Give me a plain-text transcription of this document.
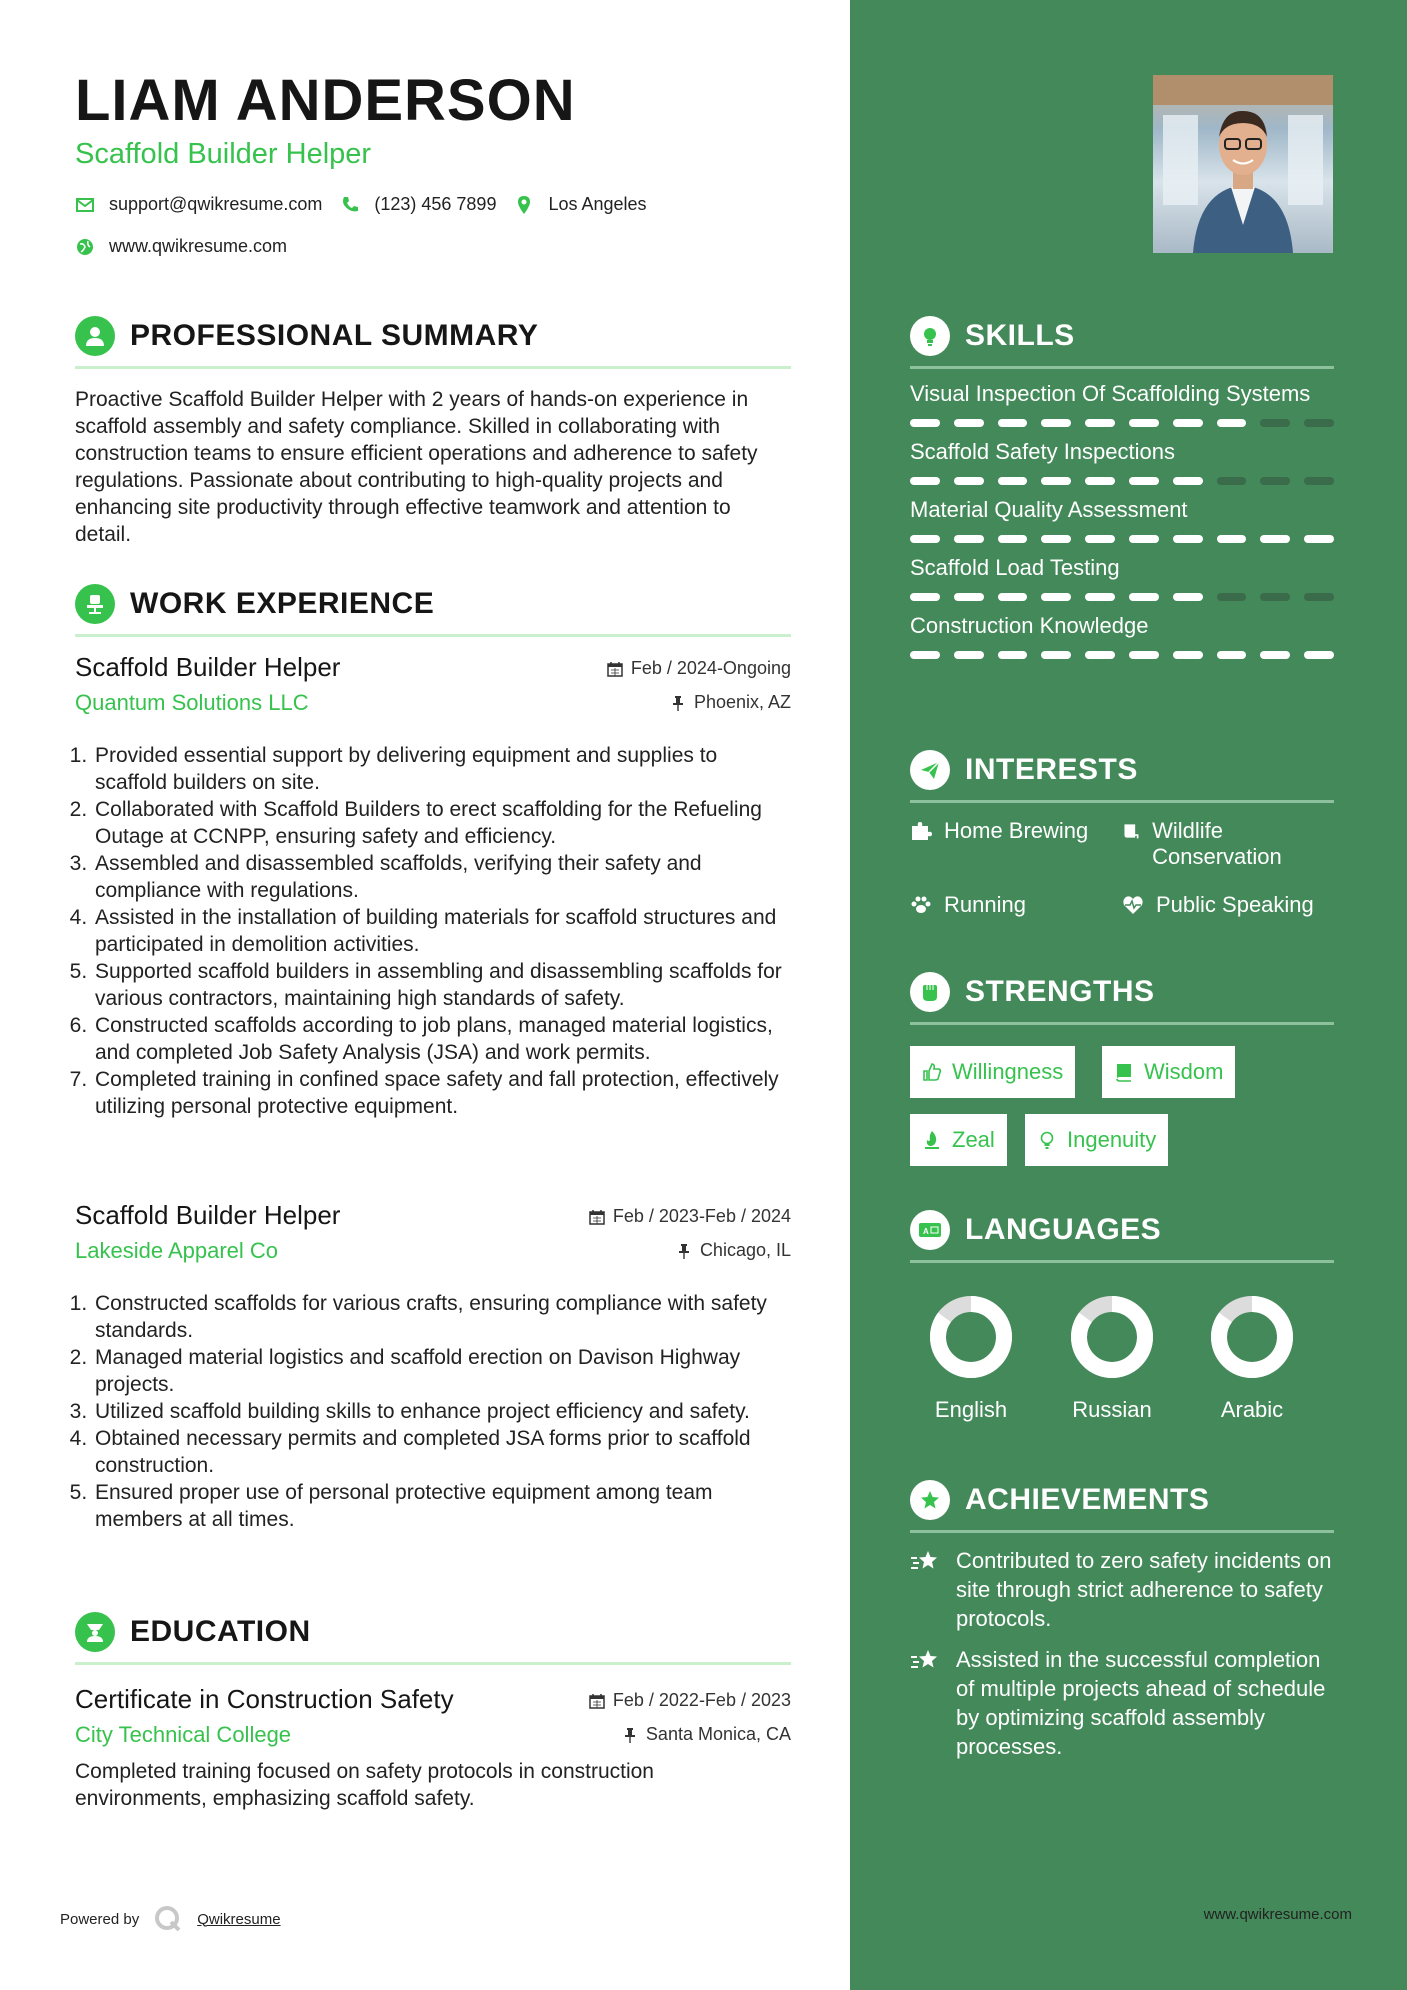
LIAM ANDERSON
Scaffold Builder Helper
support@qwikresume.com	(123) 456 7899	Los Angeles
www.qwikresume.com
PROFESSIONAL SUMMARY

Proactive Scaffold Builder Helper with 2 years of hands-on experience in scaffold assembly and safety compliance. Skilled in collaborating with construction teams to ensure efficient operations and adherence to safety regulations. Passionate about contributing to high-quality projects and enhancing site productivity through effective teamwork and attention to detail.

WORK EXPERIENCE
Scaffold Builder Helper
Quantum Solutions LLC
Feb / 2024-Ongoing
Phoenix, AZ
1. Provided essential support by delivering equipment and supplies to scaffold builders on site.
2. Collaborated with Scaffold Builders to erect scaffolding for the Refueling Outage at CCNPP, ensuring safety and efficiency.
3. Assembled and disassembled scaffolds, verifying their safety and compliance with regulations.
4. Assisted in the installation of building materials for scaffold structures and participated in demolition activities.
5. Supported scaffold builders in assembling and disassembling scaffolds for various contractors, maintaining high standards of safety.
6. Constructed scaffolds according to job plans, managed material logistics, and completed Job Safety Analysis (JSA) and work permits.
7. Completed training in confined space safety and fall protection, effectively utilizing personal protective equipment.
Scaffold Builder Helper
Lakeside Apparel Co
Feb / 2023-Feb / 2024
Chicago, IL
1. Constructed scaffolds for various crafts, ensuring compliance with safety standards.
2. Managed material logistics and scaffold erection on Davison Highway projects.
3. Utilized scaffold building skills to enhance project efficiency and safety.
4. Obtained necessary permits and completed JSA forms prior to scaffold construction.
5. Ensured proper use of personal protective equipment among team members at all times.
EDUCATION
Certificate in Construction Safety
City Technical College
Feb / 2022-Feb / 2023
Santa Monica, CA

Completed training focused on safety protocols in construction environments, emphasizing scaffold safety.

Powered by	Qwikresume	www.qwikresume.com
SKILLS
Visual Inspection Of Scaffolding Systems
Scaffold Safety Inspections
Material Quality Assessment
Scaffold Load Testing
Construction Knowledge
INTERESTS
Home Brewing	Wildlife Conservation
Running	Public Speaking
STRENGTHS
Willingness	Wisdom
Zeal	Ingenuity
A LANGUAGES
English	Russian	Arabic
ACHIEVEMENTS
Contributed to zero safety incidents on site through strict adherence to safety protocols.
Assisted in the successful completion of multiple projects ahead of schedule by optimizing scaffold assembly processes.
